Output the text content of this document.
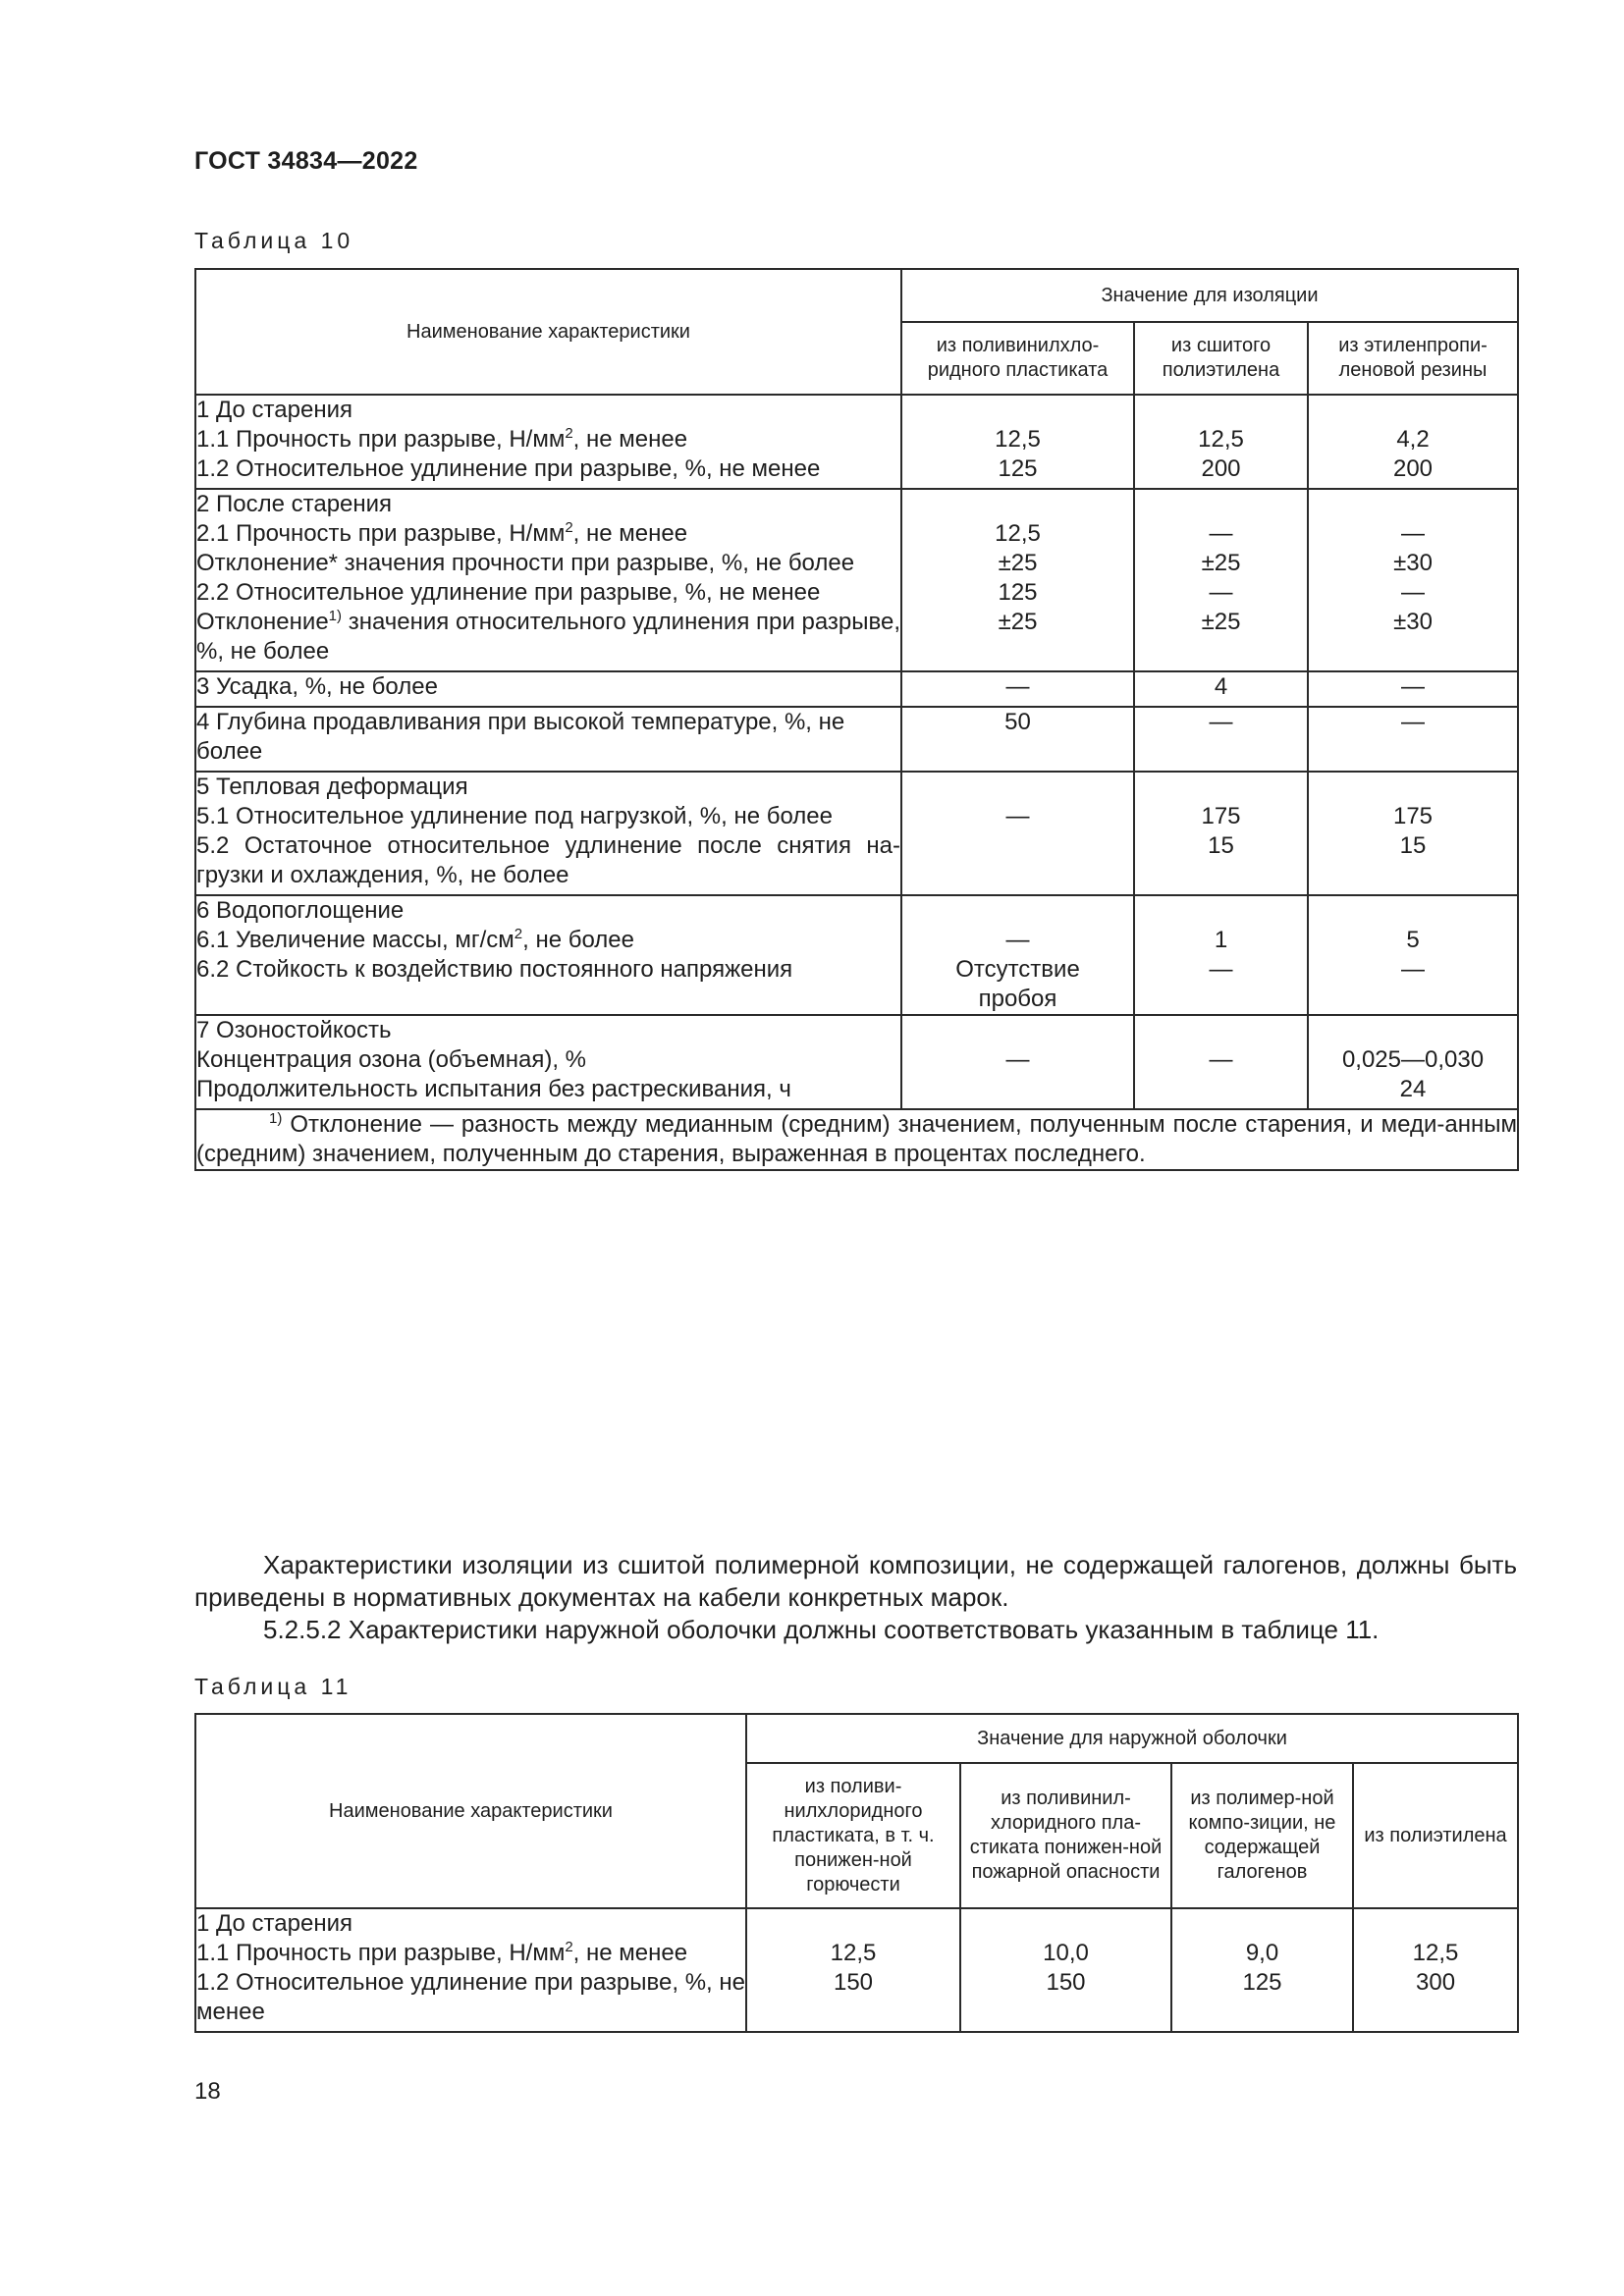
ГОСТ 34834—2022
Таблица 10
Наименование характеристики	Значение для изоляции		
	из поливинилхло-ридного пластиката	из сшитого полиэтилена	из этиленпропи-леновой резины
1 До старения			
1.1 Прочность при разрыве, $Н/мм^2$, не менее	12,5	12,5	4,2
1.2 Относительное удлинение при разрыве, %, не менее	125	200	200
2 После старения			
2.1 Прочность при разрыве, $Н/мм^2$, не менее	12,5	—	—
Отклонение* значения прочности при разрыве, %, не более	±25	±25	±30
2.2 Относительное удлинение при разрыве, %, не менее	125	—	—
Отклонение$^{1)}$ значения относительного удлинения при разрыве, %, не более	±25	±25	±30
3 Усадка, %, не более	—	4	—
4 Глубина продавливания при высокой температуре, %, не более	50	—	—
5 Тепловая деформация			
5.1 Относительное удлинение под нагрузкой, %, не более	—	175	175
5.2 Остаточное относительное удлинение после снятия на-грузки и охлаждения, %, не более		15	15
6 Водопоглощение			
6.1 Увеличение массы, $мг/см^2$, не более	—	1	5
6.2 Стойкость к воздействию постоянного напряжения	Отсутствие пробоя	—	—
7 Озоностойкость			
Концентрация озона (объемная), %	—	—	0,025—0,030
Продолжительность испытания без растрескивания, ч			24
$^{1)}$ Отклонение — разность между медианным (средним) значением, полученным после старения, и меди-анным (средним) значением, полученным до старения, выраженная в процентах последнего.			
Характеристики изоляции из сшитой полимерной композиции, не содержащей галогенов, должны быть приведены в нормативных документах на кабели конкретных марок.
5.2.5.2 Характеристики наружной оболочки должны соответствовать указанным в таблице 11.
Таблица 11
Наименование характеристики	Значение для наружной оболочки			
	из поливи-нилхлоридного пластиката, в т. ч. понижен-ной горючести	из поливинил-хлоридного пла-стиката понижен-ной пожарной опасности	из полимер-ной компо-зиции, не содержащей галогенов	из полиэтилена
1 До старения				
1.1 Прочность при разрыве, $Н/мм^2$, не менее	12,5	10,0	9,0	12,5
1.2 Относительное удлинение при разрыве, %, не менее	150	150	125	300
18
